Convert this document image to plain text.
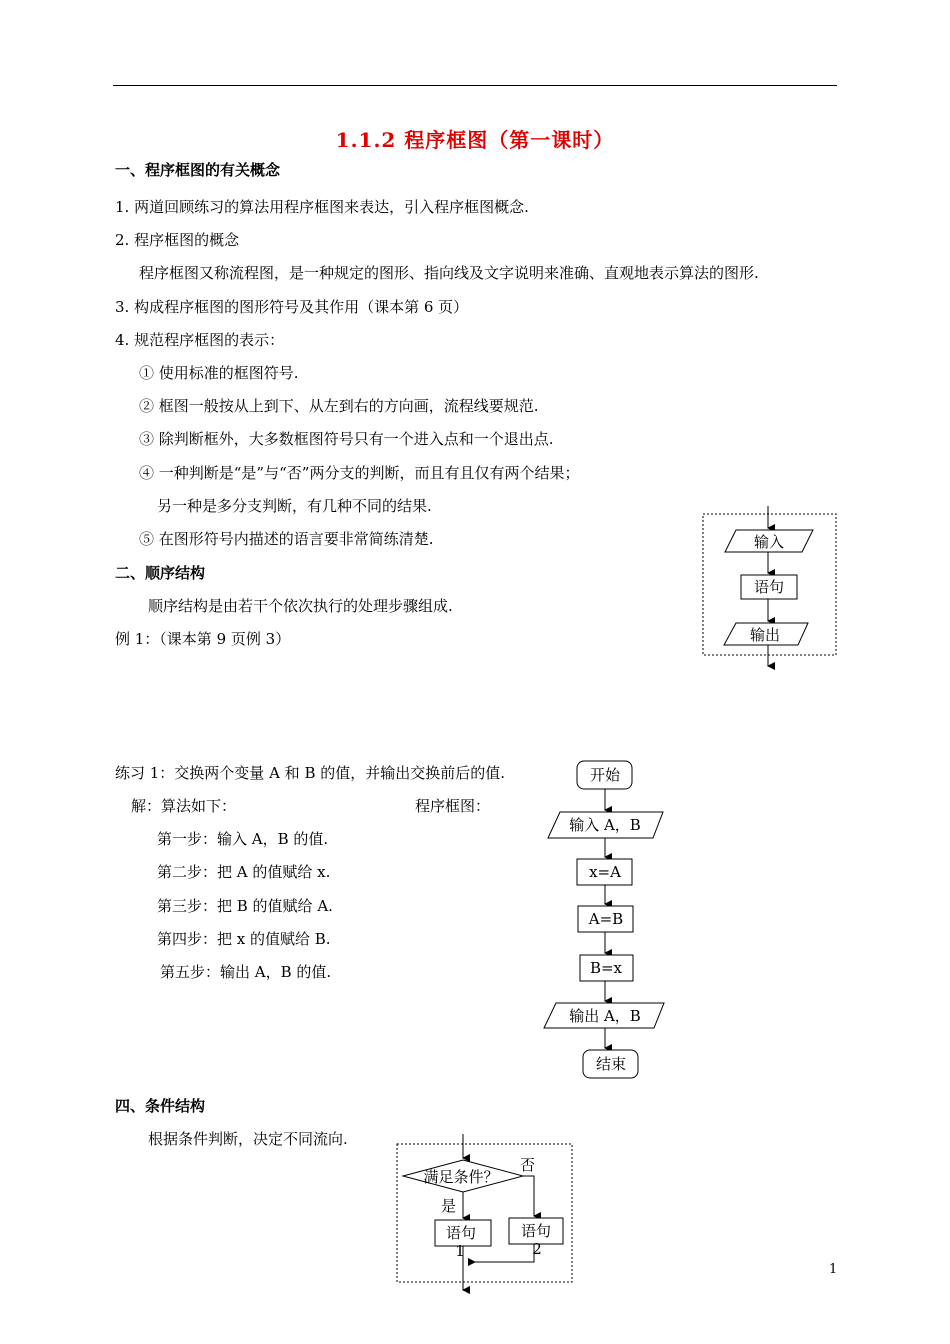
1.1.2 程序框图（第一课时）
一、程序框图的有关概念
1. 两道回顾练习的算法用程序框图来表达，引入程序框图概念.
2. 程序框图的概念
程序框图又称流程图，是一种规定的图形、指向线及文字说明来准确、直观地表示算法的图形.
3. 构成程序框图的图形符号及其作用（课本第 6 页）
4. 规范程序框图的表示：
① 使用标准的框图符号.
② 框图一般按从上到下、从左到右的方向画，流程线要规范.
③ 除判断框外，大多数框图符号只有一个进入点和一个退出点.
④ 一种判断是“是”与“否”两分支的判断，而且有且仅有两个结果；
另一种是多分支判断，有几种不同的结果.
⑤ 在图形符号内描述的语言要非常简练清楚.
二、顺序结构
顺序结构是由若干个依次执行的处理步骤组成.
例 1：（课本第 9 页例 3）
输入
语句
输出
练习 1：交换两个变量 A 和 B 的值，并输出交换前后的值.
解：算法如下：	程序框图：
第一步：输入 A，B 的值.
第二步：把 A 的值赋给 x.
第三步：把 B 的值赋给 A.
第四步：把 x 的值赋给 B.
第五步：输出 A，B 的值.
开始
输入 A，B
x=A
A=B
B=x
输出 A，B
结束
四、条件结构
根据条件判断，决定不同流向.
满足条件？
否
是
语句
1
语句
2
1
